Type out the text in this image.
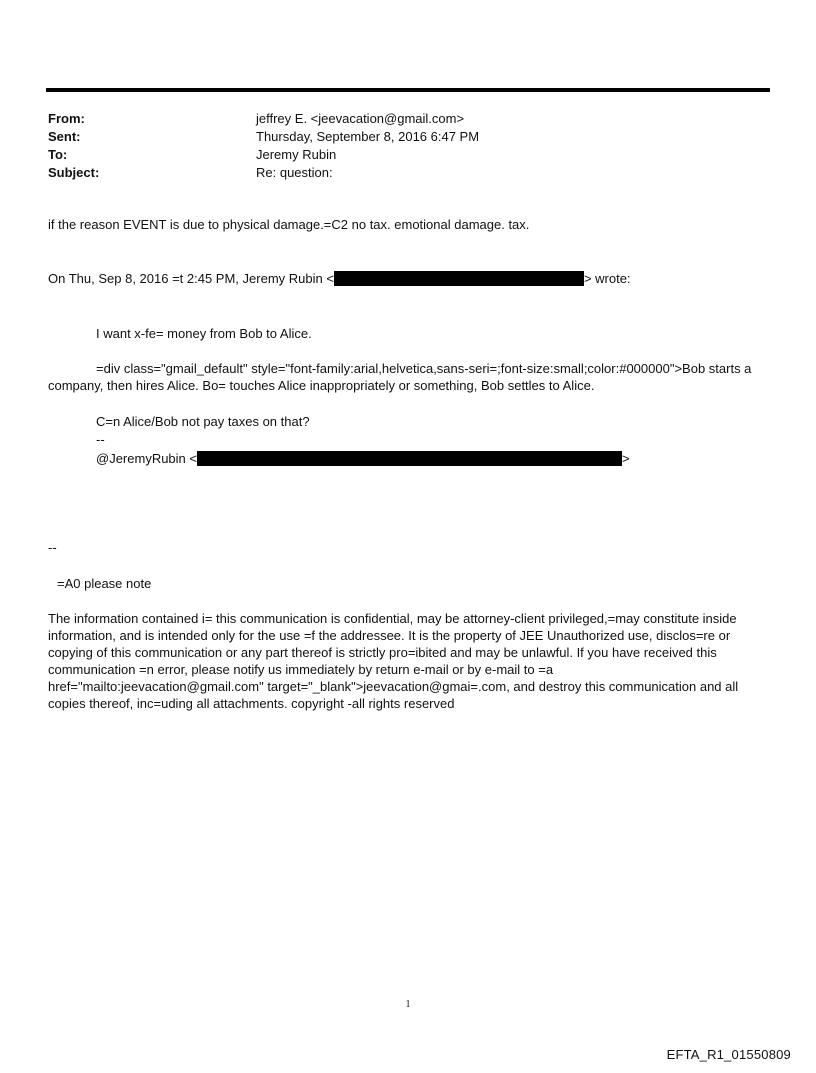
From:	jeffrey E. <jeevacation@gmail.com>
Sent:	Thursday, September 8, 2016 6:47 PM
To:	Jeremy Rubin
Subject:	Re: question:

if the reason EVENT is due to physical damage.=C2 no tax. emotional damage. tax.

On Thu, Sep 8, 2016 =t 2:45 PM, Jeremy Rubin <	> wrote:

I want x-fe= money from Bob to Alice.

=div class="gmail_default" style="font-family:arial,helvetica,sans-seri=;font-size:small;color:#000000">Bob starts a company, then hires Alice. Bo= touches Alice inappropriately or something, Bob settles to Alice.

C=n Alice/Bob not pay taxes on that?

--

@JeremyRubin <	>

--

=A0 please note

The information contained i= this communication is confidential, may be attorney-client privileged,=may constitute inside information, and is intended only for the use =f the addressee. It is the property of JEE Unauthorized use, disclos=re or copying of this communication or any part thereof is strictly pro=ibited and may be unlawful. If you have received this communication =n error, please notify us immediately by return e-mail or by e-mail to =a href="mailto:jeevacation@gmail.com" target="_blank">jeevacation@gmai=.com, and destroy this communication and all copies thereof, inc=uding all attachments. copyright -all rights reserved

1
EFTA_R1_01550809
